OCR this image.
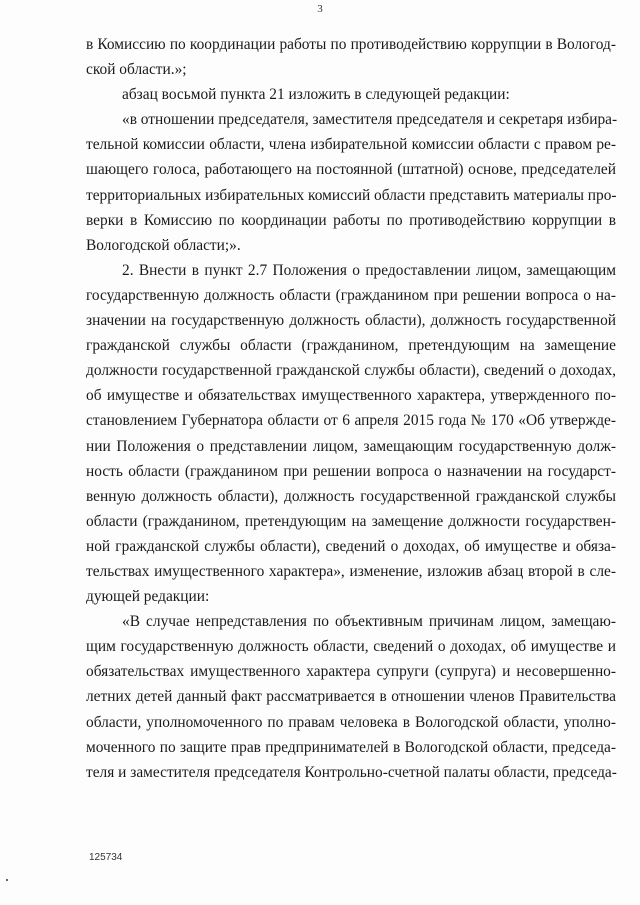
3
в Комиссию по координации работы по противодействию коррупции в Вологод-
ской области.»;
абзац восьмой пункта 21 изложить в следующей редакции:
«в отношении председателя, заместителя председателя и секретаря избира-
тельной комиссии области, члена избирательной комиссии области с правом ре-
шающего голоса, работающего на постоянной (штатной) основе, председателей
территориальных избирательных комиссий области представить материалы про-
верки в Комиссию по координации работы по противодействию коррупции в
Вологодской области;».
2. Внести в пункт 2.7 Положения о предоставлении лицом, замещающим
государственную должность области (гражданином при решении вопроса о на-
значении на государственную должность области), должность государственной
гражданской службы области (гражданином, претендующим на замещение
должности государственной гражданской службы области), сведений о доходах,
об имуществе и обязательствах имущественного характера, утвержденного по-
становлением Губернатора области от 6 апреля 2015 года № 170 «Об утвержде-
нии Положения о представлении лицом, замещающим государственную долж-
ность области (гражданином при решении вопроса о назначении на государст-
венную должность области), должность государственной гражданской службы
области (гражданином, претендующим на замещение должности государствен-
ной гражданской службы области), сведений о доходах, об имуществе и обяза-
тельствах имущественного характера», изменение, изложив абзац второй в сле-
дующей редакции:
«В случае непредставления по объективным причинам лицом, замещаю-
щим государственную должность области, сведений о доходах, об имуществе и
обязательствах имущественного характера супруги (супруга) и несовершенно-
летних детей данный факт рассматривается в отношении членов Правительства
области, уполномоченного по правам человека в Вологодской области, уполно-
моченного по защите прав предпринимателей в Вологодской области, председа-
теля и заместителя председателя Контрольно-счетной палаты области, председа-
125734
